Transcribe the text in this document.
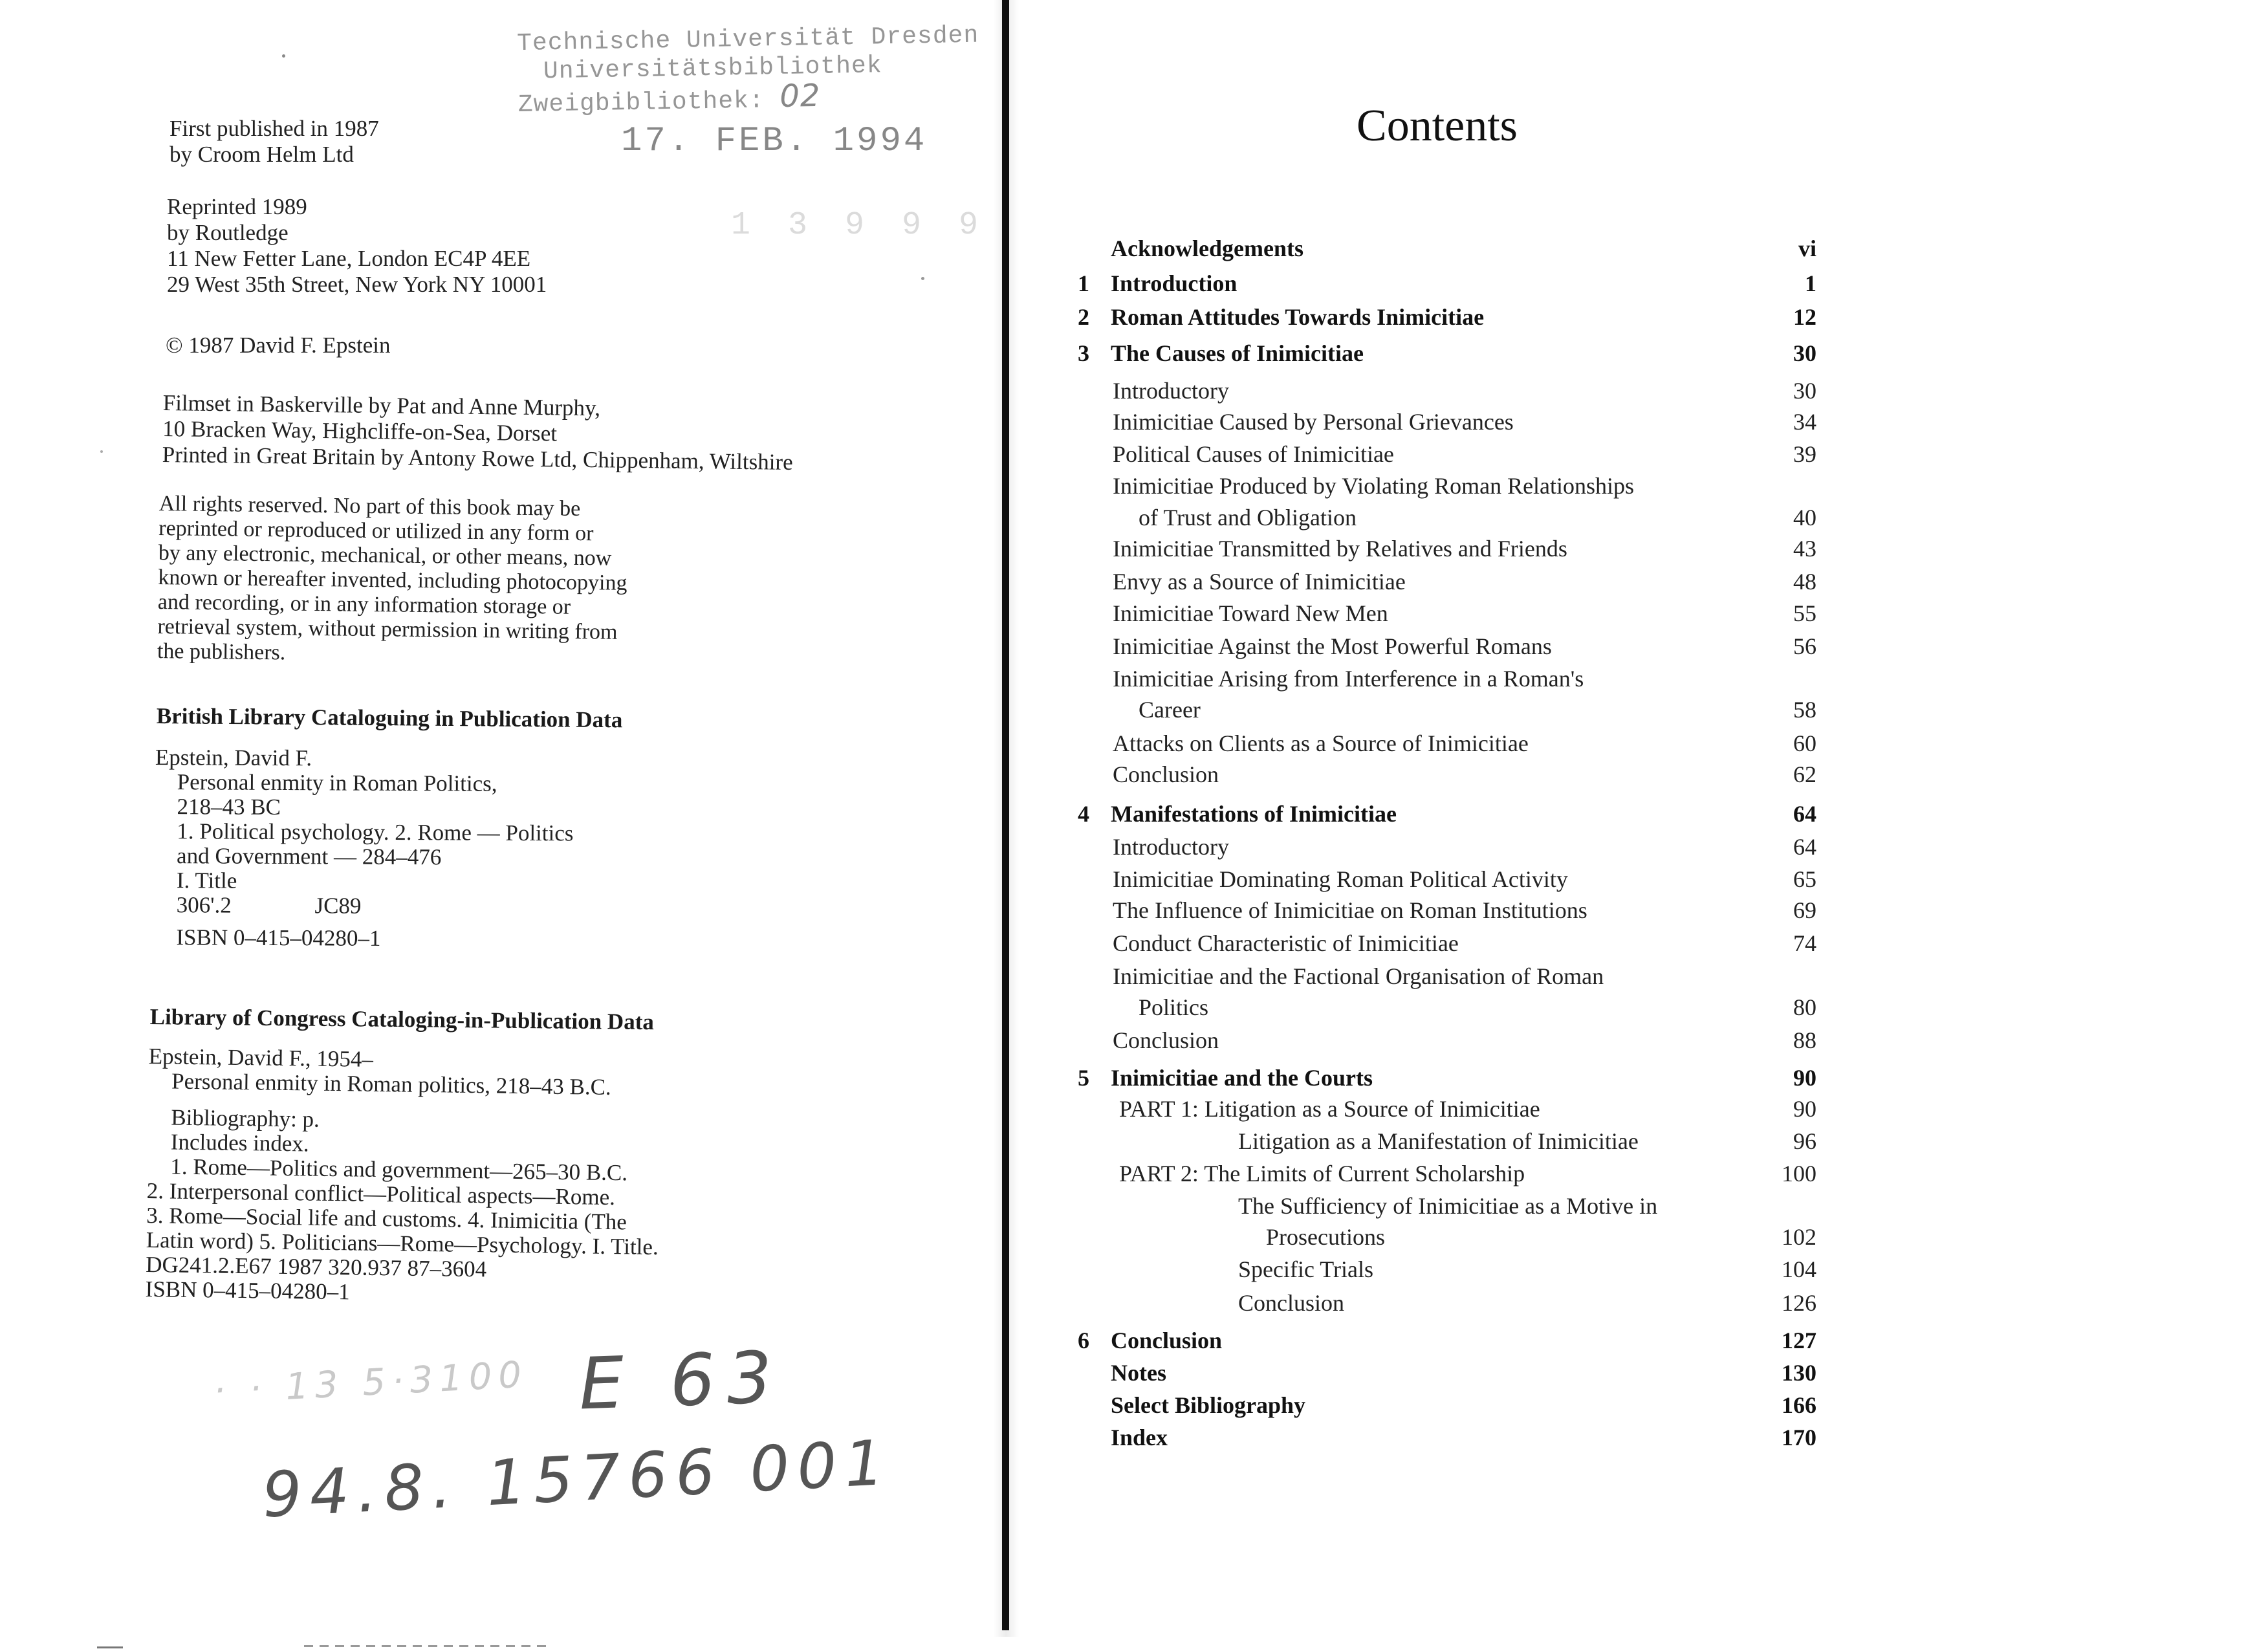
Technische Universität Dresden
Universitätsbibliothek
Zweigbibliothek: 02
17. FEB. 1994
1 3 9 9 9
First published in 1987
by Croom Helm Ltd
Reprinted 1989
by Routledge
11 New Fetter Lane, London EC4P 4EE
29 West 35th Street, New York NY 10001
© 1987 David F. Epstein
Filmset in Baskerville by Pat and Anne Murphy,
10 Bracken Way, Highcliffe-on-Sea, Dorset
Printed in Great Britain by Antony Rowe Ltd, Chippenham, Wiltshire
All rights reserved. No part of this book may be
reprinted or reproduced or utilized in any form or
by any electronic, mechanical, or other means, now
known or hereafter invented, including photocopying
and recording, or in any information storage or
retrieval system, without permission in writing from
the publishers.
British Library Cataloguing in Publication Data
Epstein, David F.
Personal enmity in Roman Politics,
218–43 BC
1. Political psychology. 2. Rome — Politics
and Government — 284–476
I. Title
306'.2	JC89
ISBN 0–415–04280–1
Library of Congress Cataloging-in-Publication Data
Epstein, David F., 1954–
Personal enmity in Roman politics, 218–43 B.C.
Bibliography: p.
Includes index.
1. Rome—Politics and government—265–30 B.C.
2. Interpersonal conflict—Political aspects—Rome.
3. Rome—Social life and customs. 4. Inimicitia (The
Latin word) 5. Politicians—Rome—Psychology. I. Title.
DG241.2.E67 1987 320.937 87–3604
ISBN 0–415–04280–1
· · 13 5·3100 E 63
94.8. 15766 001
Contents
Acknowledgements	vi
1 Introduction	1
2 Roman Attitudes Towards Inimicitiae	12
3 The Causes of Inimicitiae	30
Introductory	30
Inimicitiae Caused by Personal Grievances	34
Political Causes of Inimicitiae	39
Inimicitiae Produced by Violating Roman Relationships
of Trust and Obligation	40
Inimicitiae Transmitted by Relatives and Friends	43
Envy as a Source of Inimicitiae	48
Inimicitiae Toward New Men	55
Inimicitiae Against the Most Powerful Romans	56
Inimicitiae Arising from Interference in a Roman's
Career	58
Attacks on Clients as a Source of Inimicitiae	60
Conclusion	62
4 Manifestations of Inimicitiae	64
Introductory	64
Inimicitiae Dominating Roman Political Activity	65
The Influence of Inimicitiae on Roman Institutions	69
Conduct Characteristic of Inimicitiae	74
Inimicitiae and the Factional Organisation of Roman
Politics	80
Conclusion	88
5 Inimicitiae and the Courts	90
PART 1: Litigation as a Source of Inimicitiae	90
Litigation as a Manifestation of Inimicitiae	96
PART 2: The Limits of Current Scholarship	100
The Sufficiency of Inimicitiae as a Motive in
Prosecutions	102
Specific Trials	104
Conclusion	126
6 Conclusion	127
Notes	130
Select Bibliography	166
Index	170
